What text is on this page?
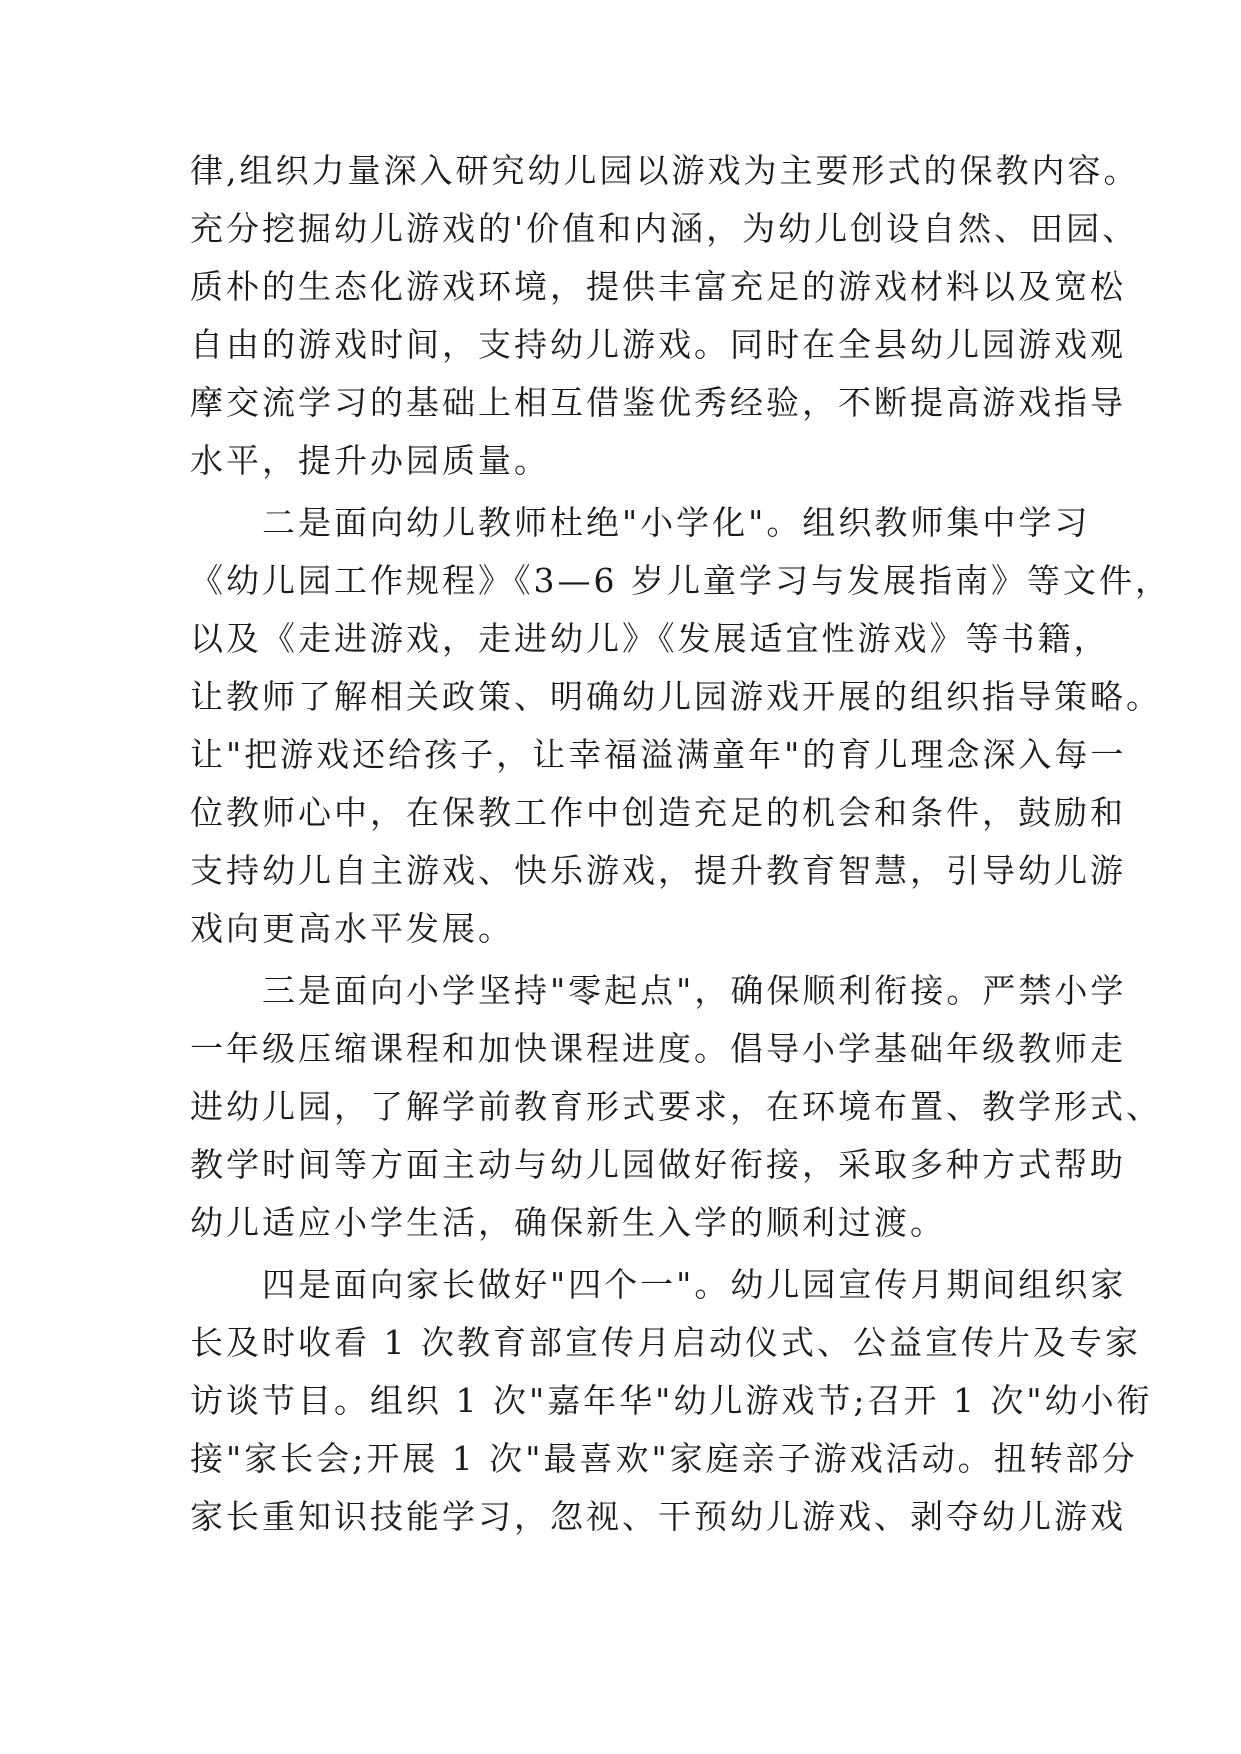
律,组织力量深入研究幼儿园以游戏为主要形式的保教内容。
充分挖掘幼儿游戏的'价值和内涵，为幼儿创设自然、田园、
质朴的生态化游戏环境，提供丰富充足的游戏材料以及宽松
自由的游戏时间，支持幼儿游戏。同时在全县幼儿园游戏观
摩交流学习的基础上相互借鉴优秀经验，不断提高游戏指导
水平，提升办园质量。
二是面向幼儿教师杜绝"小学化"。组织教师集中学习
《幼儿园工作规程》《3—6 岁儿童学习与发展指南》等文件，
以及《走进游戏，走进幼儿》《发展适宜性游戏》等书籍，
让教师了解相关政策、明确幼儿园游戏开展的组织指导策略。
让"把游戏还给孩子，让幸福溢满童年"的育儿理念深入每一
位教师心中，在保教工作中创造充足的机会和条件，鼓励和
支持幼儿自主游戏、快乐游戏，提升教育智慧，引导幼儿游
戏向更高水平发展。
三是面向小学坚持"零起点"，确保顺利衔接。严禁小学
一年级压缩课程和加快课程进度。倡导小学基础年级教师走
进幼儿园，了解学前教育形式要求，在环境布置、教学形式、
教学时间等方面主动与幼儿园做好衔接，采取多种方式帮助
幼儿适应小学生活，确保新生入学的顺利过渡。
四是面向家长做好"四个一"。幼儿园宣传月期间组织家
长及时收看 1 次教育部宣传月启动仪式、公益宣传片及专家
访谈节目。组织 1 次"嘉年华"幼儿游戏节;召开 1 次"幼小衔
接"家长会;开展 1 次"最喜欢"家庭亲子游戏活动。扭转部分
家长重知识技能学习，忽视、干预幼儿游戏、剥夺幼儿游戏
